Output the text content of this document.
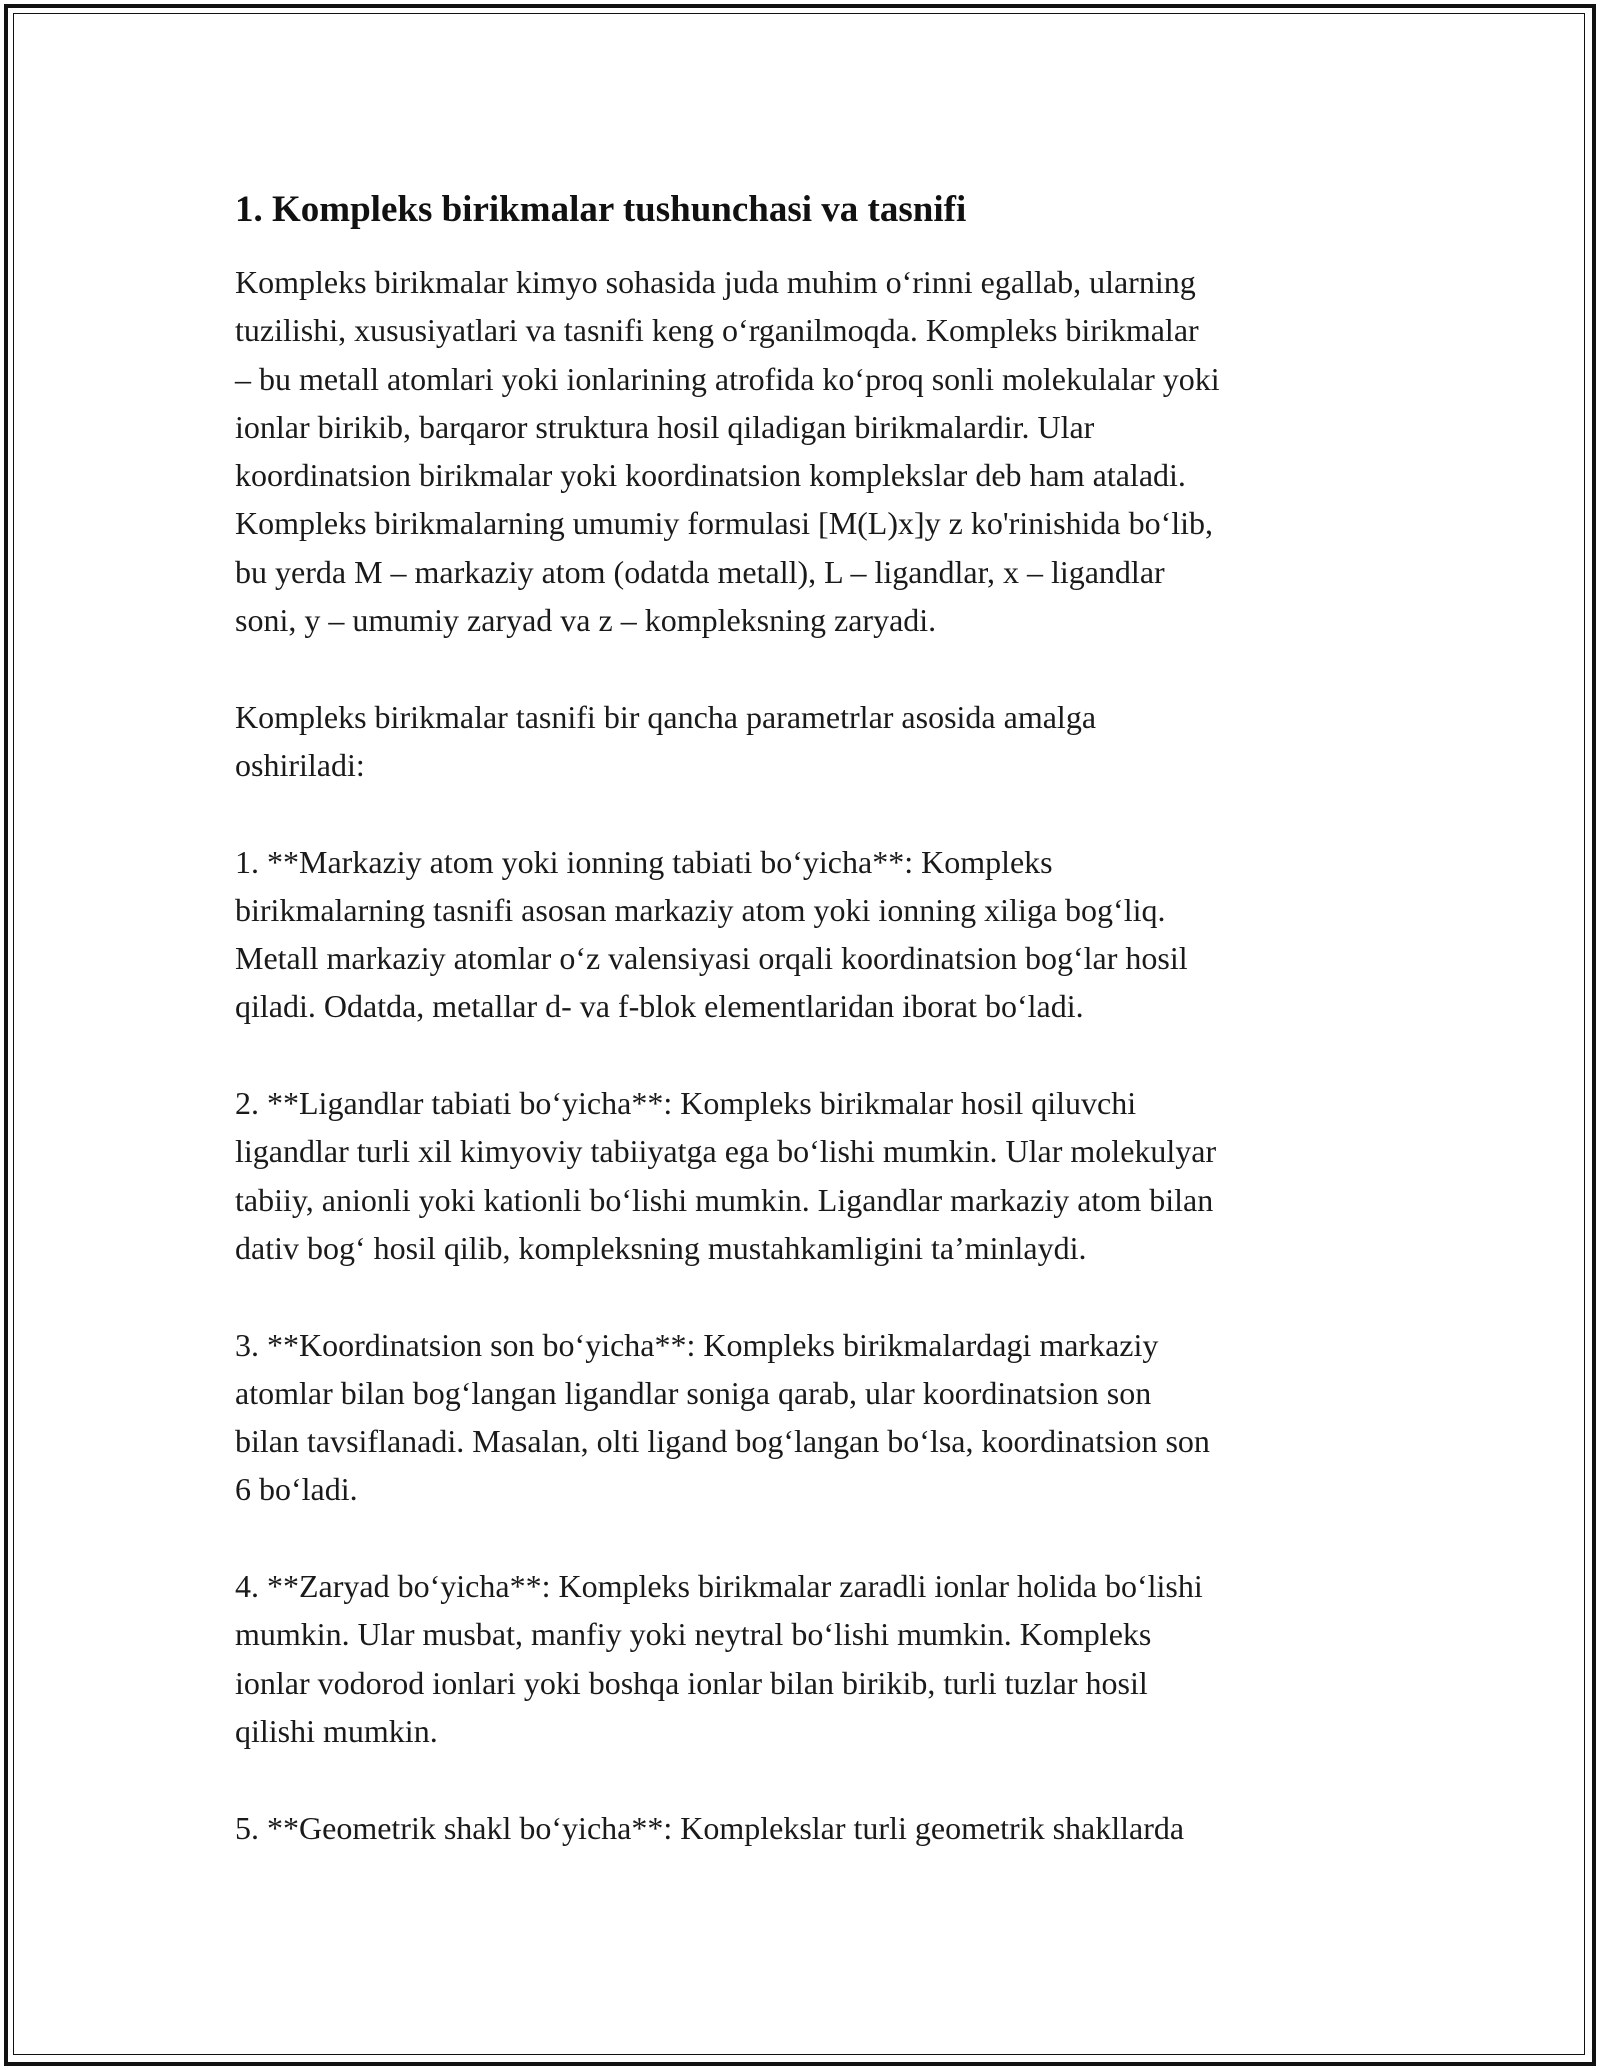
1. Kompleks birikmalar tushunchasi va tasnifi

Kompleks birikmalar kimyo sohasida juda muhim o‘rinni egallab, ularning
tuzilishi, xususiyatlari va tasnifi keng o‘rganilmoqda. Kompleks birikmalar
– bu metall atomlari yoki ionlarining atrofida ko‘proq sonli molekulalar yoki
ionlar birikib, barqaror struktura hosil qiladigan birikmalardir. Ular
koordinatsion birikmalar yoki koordinatsion komplekslar deb ham ataladi.
Kompleks birikmalarning umumiy formulasi [M(L)x]y z ko'rinishida bo‘lib,
bu yerda M – markaziy atom (odatda metall), L – ligandlar, x – ligandlar
soni, y – umumiy zaryad va z – kompleksning zaryadi.

Kompleks birikmalar tasnifi bir qancha parametrlar asosida amalga
oshiriladi:

1. **Markaziy atom yoki ionning tabiati bo‘yicha**: Kompleks
birikmalarning tasnifi asosan markaziy atom yoki ionning xiliga bog‘liq.
Metall markaziy atomlar o‘z valensiyasi orqali koordinatsion bog‘lar hosil
qiladi. Odatda, metallar d- va f-blok elementlaridan iborat bo‘ladi.

2. **Ligandlar tabiati bo‘yicha**: Kompleks birikmalar hosil qiluvchi
ligandlar turli xil kimyoviy tabiiyatga ega bo‘lishi mumkin. Ular molekulyar
tabiiy, anionli yoki kationli bo‘lishi mumkin. Ligandlar markaziy atom bilan
dativ bog‘ hosil qilib, kompleksning mustahkamligini ta’minlaydi.

3. **Koordinatsion son bo‘yicha**: Kompleks birikmalardagi markaziy
atomlar bilan bog‘langan ligandlar soniga qarab, ular koordinatsion son
bilan tavsiflanadi. Masalan, olti ligand bog‘langan bo‘lsa, koordinatsion son
6 bo‘ladi.

4. **Zaryad bo‘yicha**: Kompleks birikmalar zaradli ionlar holida bo‘lishi
mumkin. Ular musbat, manfiy yoki neytral bo‘lishi mumkin. Kompleks
ionlar vodorod ionlari yoki boshqa ionlar bilan birikib, turli tuzlar hosil
qilishi mumkin.

5. **Geometrik shakl bo‘yicha**: Komplekslar turli geometrik shakllarda
